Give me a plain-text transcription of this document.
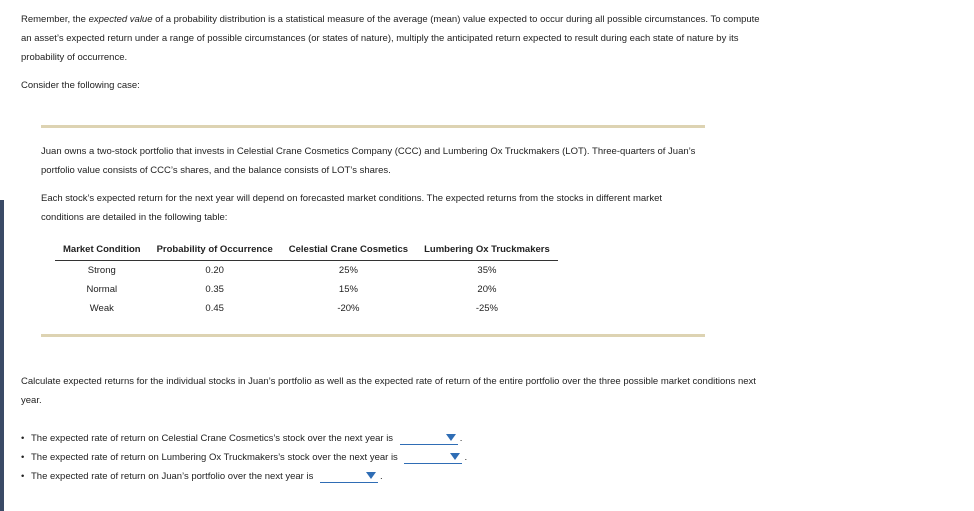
Remember, the expected value of a probability distribution is a statistical measure of the average (mean) value expected to occur during all possible circumstances. To compute an asset’s expected return under a range of possible circumstances (or states of nature), multiply the anticipated return expected to result during each state of nature by its probability of occurrence.

Consider the following case:

Juan owns a two-stock portfolio that invests in Celestial Crane Cosmetics Company (CCC) and Lumbering Ox Truckmakers (LOT). Three-quarters of Juan’s portfolio value consists of CCC’s shares, and the balance consists of LOT’s shares.

Each stock’s expected return for the next year will depend on forecasted market conditions. The expected returns from the stocks in different market conditions are detailed in the following table:

Market Condition	Probability of Occurrence	Celestial Crane Cosmetics	Lumbering Ox Truckmakers
Strong	0.20	25%	35%
Normal	0.35	15%	20%
Weak	0.45	-20%	-25%

Calculate expected returns for the individual stocks in Juan’s portfolio as well as the expected rate of return of the entire portfolio over the three possible market conditions next year.

• The expected rate of return on Celestial Crane Cosmetics’s stock over the next year is	.
• The expected rate of return on Lumbering Ox Truckmakers’s stock over the next year is	.
• The expected rate of return on Juan’s portfolio over the next year is	.
